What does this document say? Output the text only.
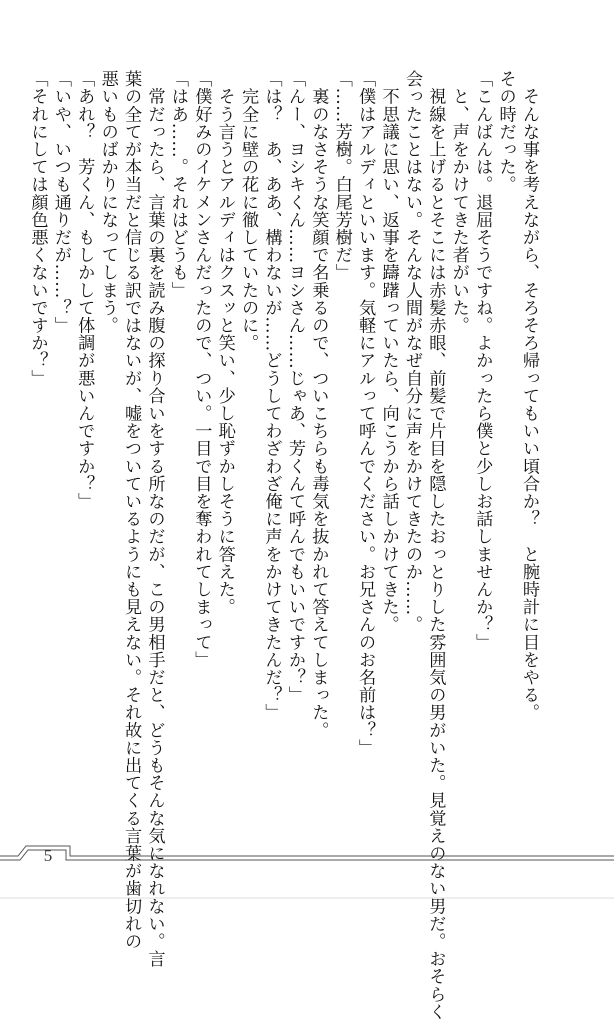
　そんな事を考えながら、そろそろ帰ってもいい頃合か？　と腕時計に目をやる。
その時だった。
「こんばんは。退屈そうですね。よかったら僕と少しお話しませんか？」
　と、声をかけてきた者がいた。
　視線を上げるとそこには赤髪赤眼、前髪で片目を隠したおっとりした雰囲気の男がいた。見覚えのない男だ。おそらく
会ったことはない。そんな人間がなぜ自分に声をかけてきたのか……。
　不思議に思い、返事を躊躇っていたら、向こうから話しかけてきた。
「僕はアルディといいます。気軽にアルって呼んでください。お兄さんのお名前は？」
「……芳樹。白尾芳樹だ」
　裏のなさそうな笑顔で名乗るので、ついこちらも毒気を抜かれて答えてしまった。
「んー、ヨシキくん……ヨシさん……じゃあ、芳くんて呼んでもいいですか？」
「は？　あ、ああ、構わないが……どうしてわざわざ俺に声をかけてきたんだ？」
　完全に壁の花に徹していたのに。
　そう言うとアルディはクスッと笑い、少し恥ずかしそうに答えた。
「僕好みのイケメンさんだったので、つい。一目で目を奪われてしまって」
「はあ……。それはどうも」
　常だったら、言葉の裏を読み腹の探り合いをする所なのだが、この男相手だと、どうもそんな気になれない。言
葉の全てが本当だと信じる訳ではないが、嘘をついているようにも見えない。それ故に出てくる言葉が歯切れの
悪いものばかりになってしまう。
「あれ？　芳くん、もしかして体調が悪いんですか？」
「いや、いつも通りだが……？」
「それにしては顔色悪くないですか？」
5
